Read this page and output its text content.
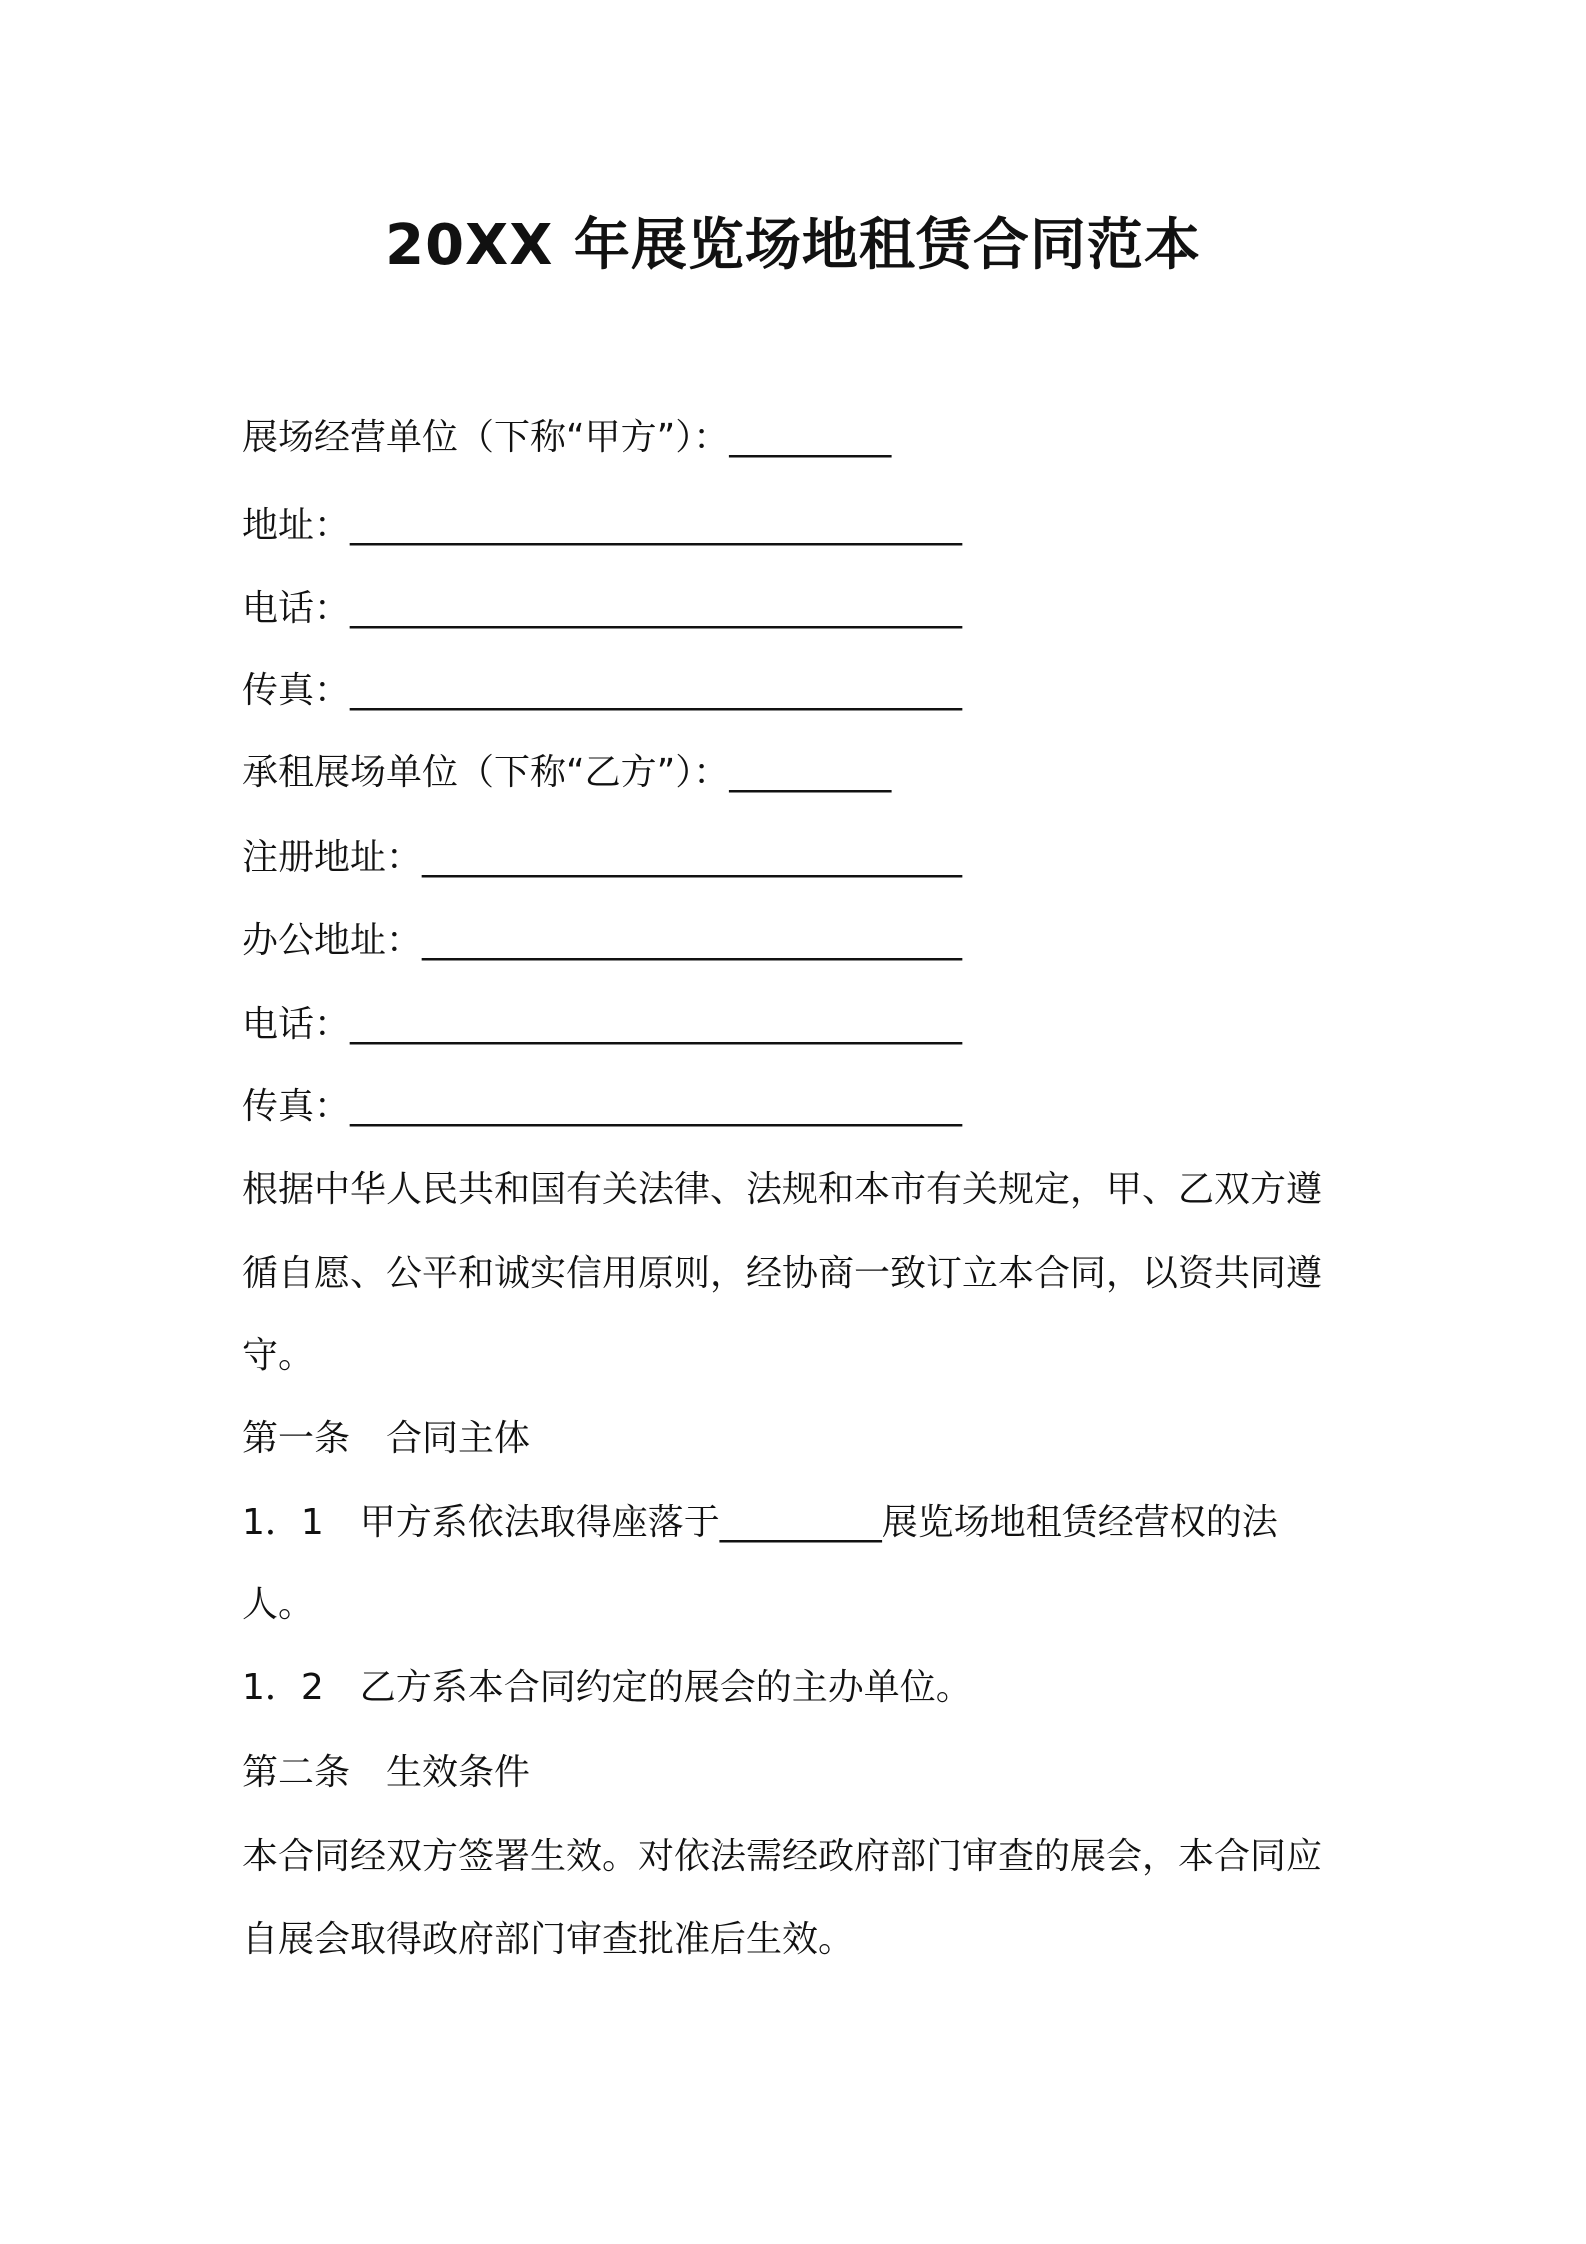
20XX 年展览场地租赁合同范本
展场经营单位（下称“甲方”）：_________
地址：__________________________________
电话：__________________________________
传真：__________________________________
承租展场单位（下称“乙方”）：_________
注册地址：______________________________
办公地址：______________________________
电话：__________________________________
传真：__________________________________
根据中华人民共和国有关法律、法规和本市有关规定，甲、乙双方遵
循自愿、公平和诚实信用原则，经协商一致订立本合同，以资共同遵
守。
第一条　合同主体
1．1　甲方系依法取得座落于_________展览场地租赁经营权的法
人。
1．2　乙方系本合同约定的展会的主办单位。
第二条　生效条件
本合同经双方签署生效。对依法需经政府部门审查的展会，本合同应
自展会取得政府部门审查批准后生效。
